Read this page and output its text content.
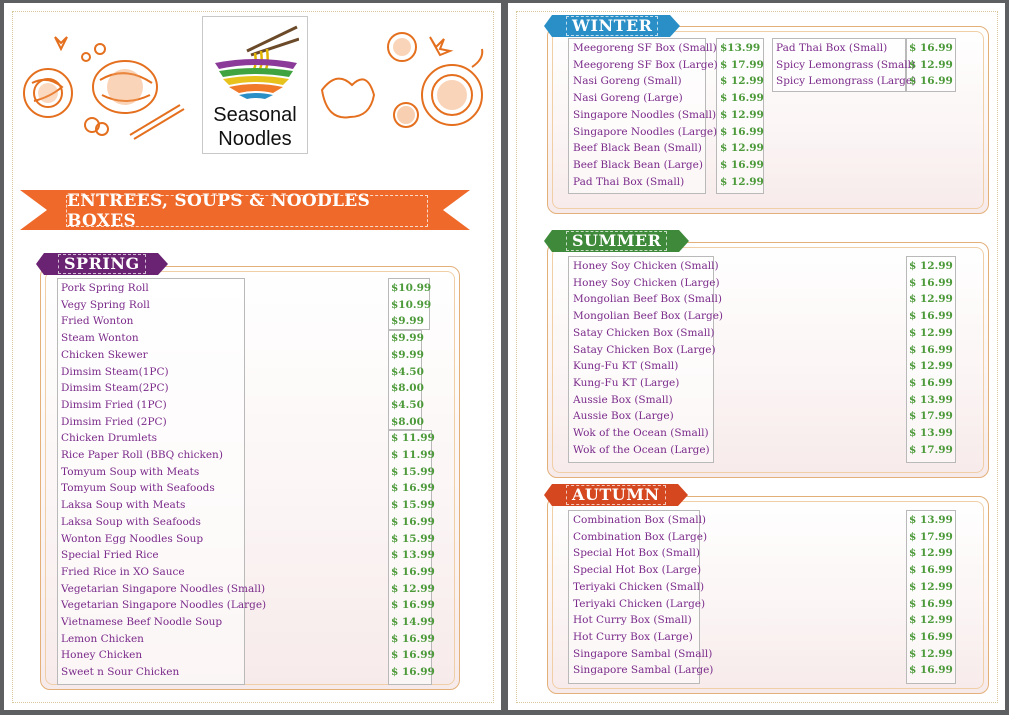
Seasonal
Noodles
ENTREES, SOUPS & NOODLES BOXES
SPRING
Pork Spring Roll
Vegy Spring Roll
Fried Wonton
Steam Wonton
Chicken Skewer
Dimsim Steam(1PC)
Dimsim Steam(2PC)
Dimsim Fried (1PC)
Dimsim Fried (2PC)
Chicken Drumlets
Rice Paper Roll (BBQ chicken)
Tomyum Soup with Meats
Tomyum Soup with Seafoods
Laksa Soup with Meats
Laksa Soup with Seafoods
Wonton Egg Noodles Soup
Special Fried Rice
Fried Rice in XO Sauce
Vegetarian Singapore Noodles (Small)
Vegetarian Singapore Noodles (Large)
Vietnamese Beef Noodle Soup
Lemon Chicken
Honey Chicken
Sweet n Sour Chicken
$10.99
$10.99
$9.99
$9.99
$9.99
$4.50
$8.00
$4.50
$8.00
$ 11.99
$ 11.99
$ 15.99
$ 16.99
$ 15.99
$ 16.99
$ 15.99
$ 13.99
$ 16.99
$ 12.99
$ 16.99
$ 14.99
$ 16.99
$ 16.99
$ 16.99
WINTER
Meegoreng SF Box (Small)
Meegoreng SF Box (Large)
Nasi Goreng (Small)
Nasi Goreng (Large)
Singapore Noodles (Small)
Singapore Noodles (Large)
Beef Black Bean (Small)
Beef Black Bean (Large)
Pad Thai Box (Small)
$13.99
$ 17.99
$ 12.99
$ 16.99
$ 12.99
$ 16.99
$ 12.99
$ 16.99
$ 12.99
Pad Thai Box (Small)
Spicy Lemongrass (Small)
Spicy Lemongrass (Large)
$ 16.99
$ 12.99
$ 16.99
SUMMER
Honey Soy Chicken (Small)
Honey Soy Chicken (Large)
Mongolian Beef Box (Small)
Mongolian Beef Box (Large)
Satay Chicken Box (Small)
Satay Chicken Box (Large)
Kung-Fu KT (Small)
Kung-Fu KT (Large)
Aussie Box (Small)
Aussie Box (Large)
Wok of the Ocean (Small)
Wok of the Ocean (Large)
$ 12.99
$ 16.99
$ 12.99
$ 16.99
$ 12.99
$ 16.99
$ 12.99
$ 16.99
$ 13.99
$ 17.99
$ 13.99
$ 17.99
AUTUMN
Combination Box (Small)
Combination Box (Large)
Special Hot Box (Small)
Special Hot Box (Large)
Teriyaki Chicken (Small)
Teriyaki Chicken (Large)
Hot Curry Box (Small)
Hot Curry Box (Large)
Singapore Sambal (Small)
Singapore Sambal (Large)
$ 13.99
$ 17.99
$ 12.99
$ 16.99
$ 12.99
$ 16.99
$ 12.99
$ 16.99
$ 12.99
$ 16.99
